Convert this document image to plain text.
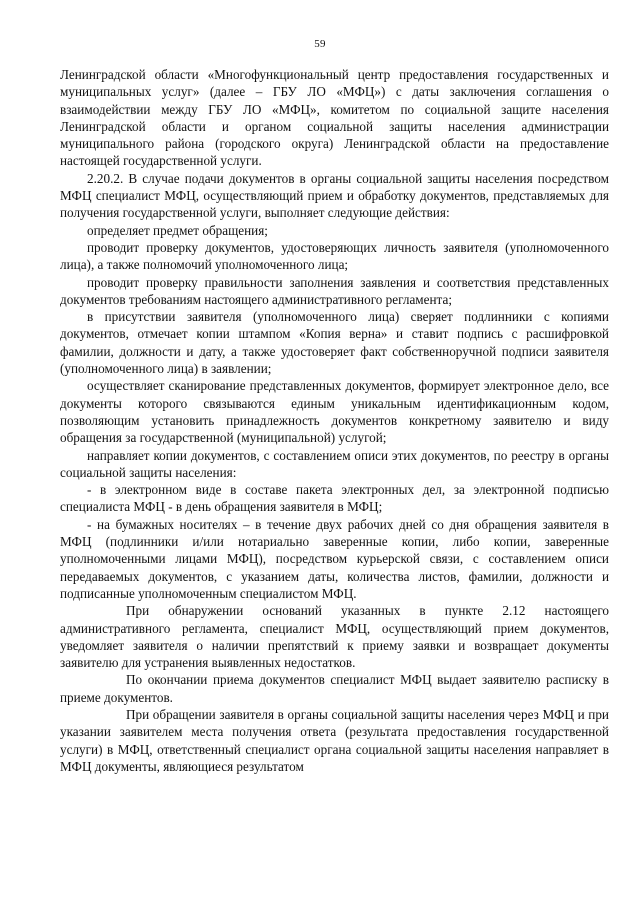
59

Ленинградской области «Многофункциональный центр предоставления государственных и муниципальных услуг» (далее – ГБУ ЛО «МФЦ») с даты заключения соглашения о взаимодействии между ГБУ ЛО «МФЦ», комитетом по социальной защите населения Ленинградской области и органом социальной защиты населения администрации муниципального района (городского округа) Ленинградской области на предоставление настоящей государственной услуги.

2.20.2. В случае подачи документов в органы социальной защиты населения посредством МФЦ специалист МФЦ, осуществляющий прием и обработку документов, представляемых для получения государственной услуги, выполняет следующие действия:

определяет предмет обращения;

проводит проверку документов, удостоверяющих личность заявителя (уполномоченного лица), а также полномочий уполномоченного лица;

проводит проверку правильности заполнения заявления и соответствия представленных документов требованиям настоящего административного регламента;

в присутствии заявителя (уполномоченного лица) сверяет подлинники с копиями документов, отмечает копии штампом «Копия верна» и ставит подпись с расшифровкой фамилии, должности и дату, а также удостоверяет факт собственноручной подписи заявителя (уполномоченного лица) в заявлении;

осуществляет сканирование представленных документов, формирует электронное дело, все документы которого связываются единым уникальным идентификационным кодом, позволяющим установить принадлежность документов конкретному заявителю и виду обращения за государственной (муниципальной) услугой;

направляет копии документов, с составлением описи этих документов, по реестру в органы социальной защиты населения:

- в электронном виде в составе пакета электронных дел, за электронной подписью специалиста МФЦ - в день обращения заявителя в МФЦ;

- на бумажных носителях – в течение двух рабочих дней со дня обращения заявителя в МФЦ (подлинники и/или нотариально заверенные копии, либо копии, заверенные уполномоченными лицами МФЦ), посредством курьерской связи, с составлением описи передаваемых документов, с указанием даты, количества листов, фамилии, должности и подписанные уполномоченным специалистом МФЦ.

При обнаружении оснований указанных в пункте 2.12 настоящего административного регламента, специалист МФЦ, осуществляющий прием документов, уведомляет заявителя о наличии препятствий к приему заявки и возвращает документы заявителю для устранения выявленных недостатков.

По окончании приема документов специалист МФЦ выдает заявителю расписку в приеме документов.

При обращении заявителя в органы социальной защиты населения через МФЦ и при указании заявителем места получения ответа (результата предоставления государственной услуги) в МФЦ, ответственный специалист органа социальной защиты населения направляет в МФЦ документы, являющиеся результатом
